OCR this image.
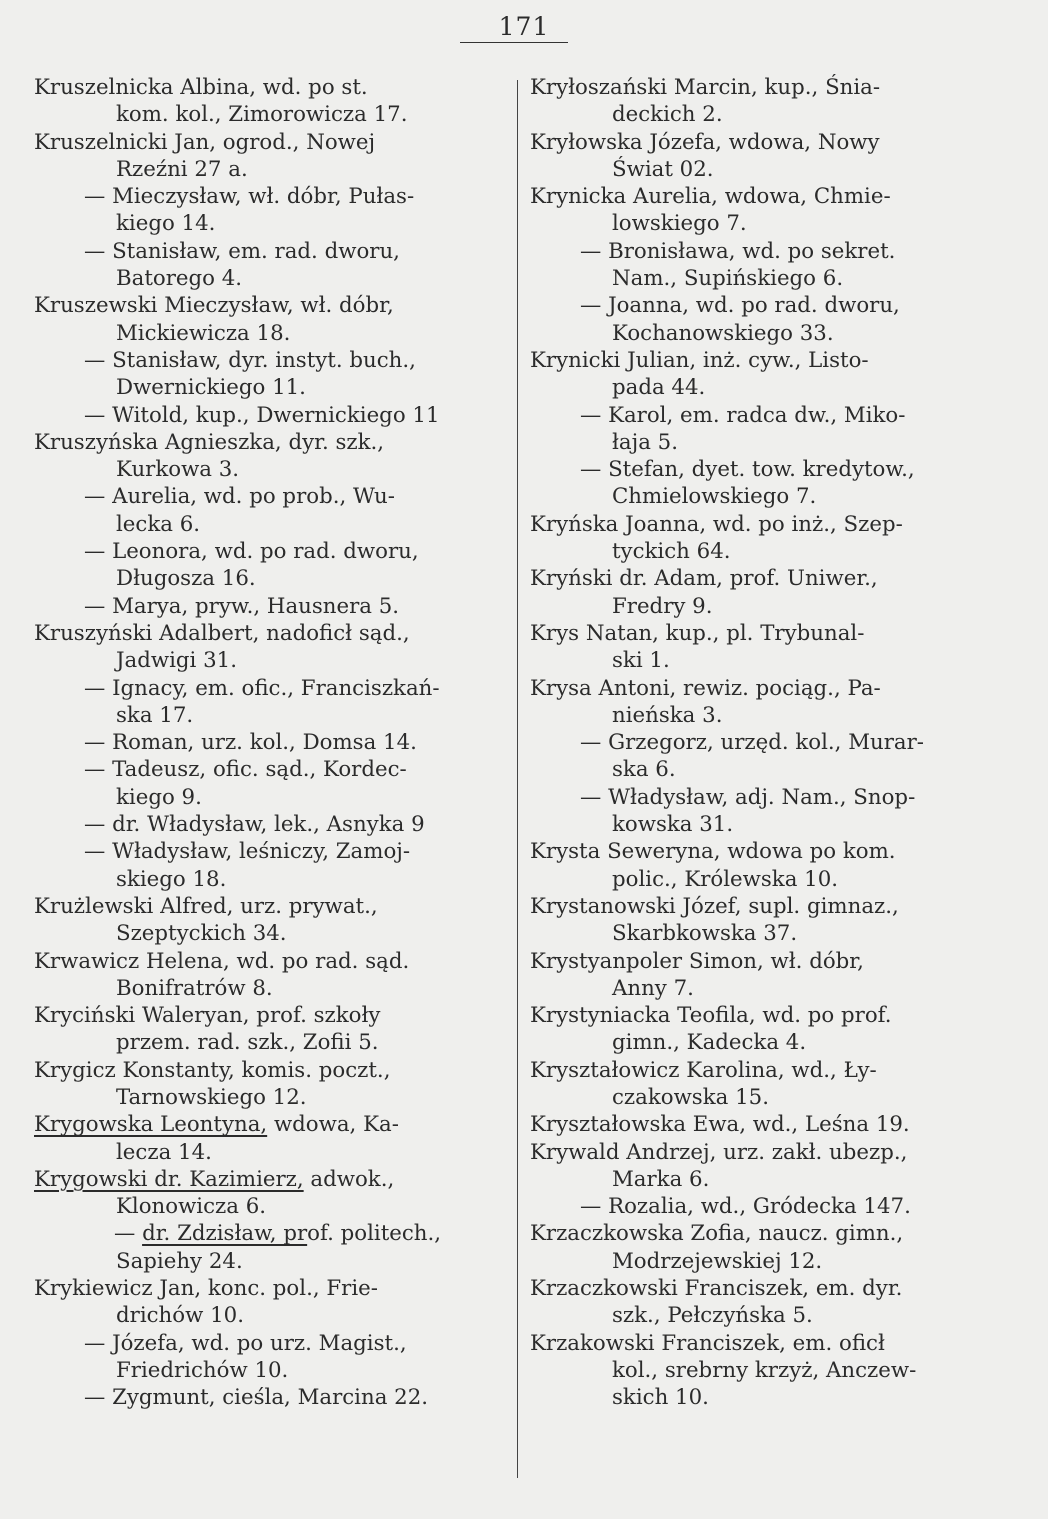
171
Kruszelnicka Albina, wd. po st.
kom. kol., Zimorowicza 17.
Kruszelnicki Jan, ogrod., Nowej
Rzeźni 27 a.
— Mieczysław, wł. dóbr, Pułas-
kiego 14.
— Stanisław, em. rad. dworu,
Batorego 4.
Kruszewski Mieczysław, wł. dóbr,
Mickiewicza 18.
— Stanisław, dyr. instyt. buch.,
Dwernickiego 11.
— Witold, kup., Dwernickiego 11
Kruszyńska Agnieszka, dyr. szk.,
Kurkowa 3.
— Aurelia, wd. po prob., Wu-
lecka 6.
— Leonora, wd. po rad. dworu,
Długosza 16.
— Marya, pryw., Hausnera 5.
Kruszyński Adalbert, nadoficł sąd.,
Jadwigi 31.
— Ignacy, em. ofic., Franciszkań-
ska 17.
— Roman, urz. kol., Domsa 14.
— Tadeusz, ofic. sąd., Kordec-
kiego 9.
— dr. Władysław, lek., Asnyka 9
— Władysław, leśniczy, Zamoj-
skiego 18.
Krużlewski Alfred, urz. prywat.,
Szeptyckich 34.
Krwawicz Helena, wd. po rad. sąd.
Bonifratrów 8.
Kryciński Waleryan, prof. szkoły
przem. rad. szk., Zofii 5.
Krygicz Konstanty, komis. poczt.,
Tarnowskiego 12.
Krygowska Leontyna, wdowa, Ka-
lecza 14.
Krygowski dr. Kazimierz, adwok.,
Klonowicza 6.
— dr. Zdzisław, prof. politech.,
Sapiehy 24.
Krykiewicz Jan, konc. pol., Frie-
drichów 10.
— Józefa, wd. po urz. Magist.,
Friedrichów 10.
— Zygmunt, cieśla, Marcina 22.
Kryłoszański Marcin, kup., Śnia-
deckich 2.
Kryłowska Józefa, wdowa, Nowy
Świat 02.
Krynicka Aurelia, wdowa, Chmie-
lowskiego 7.
— Bronisława, wd. po sekret.
Nam., Supińskiego 6.
— Joanna, wd. po rad. dworu,
Kochanowskiego 33.
Krynicki Julian, inż. cyw., Listo-
pada 44.
— Karol, em. radca dw., Miko-
łaja 5.
— Stefan, dyet. tow. kredytow.,
Chmielowskiego 7.
Kryńska Joanna, wd. po inż., Szep-
tyckich 64.
Kryński dr. Adam, prof. Uniwer.,
Fredry 9.
Krys Natan, kup., pl. Trybunal-
ski 1.
Krysa Antoni, rewiz. pociąg., Pa-
nieńska 3.
— Grzegorz, urzęd. kol., Murar-
ska 6.
— Władysław, adj. Nam., Snop-
kowska 31.
Krysta Seweryna, wdowa po kom.
polic., Królewska 10.
Krystanowski Józef, supl. gimnaz.,
Skarbkowska 37.
Krystyanpoler Simon, wł. dóbr,
Anny 7.
Krystyniacka Teofila, wd. po prof.
gimn., Kadecka 4.
Kryształowicz Karolina, wd., Ły-
czakowska 15.
Kryształowska Ewa, wd., Leśna 19.
Krywald Andrzej, urz. zakł. ubezp.,
Marka 6.
— Rozalia, wd., Gródecka 147.
Krzaczkowska Zofia, naucz. gimn.,
Modrzejewskiej 12.
Krzaczkowski Franciszek, em. dyr.
szk., Pełczyńska 5.
Krzakowski Franciszek, em. oficł
kol., srebrny krzyż, Anczew-
skich 10.
